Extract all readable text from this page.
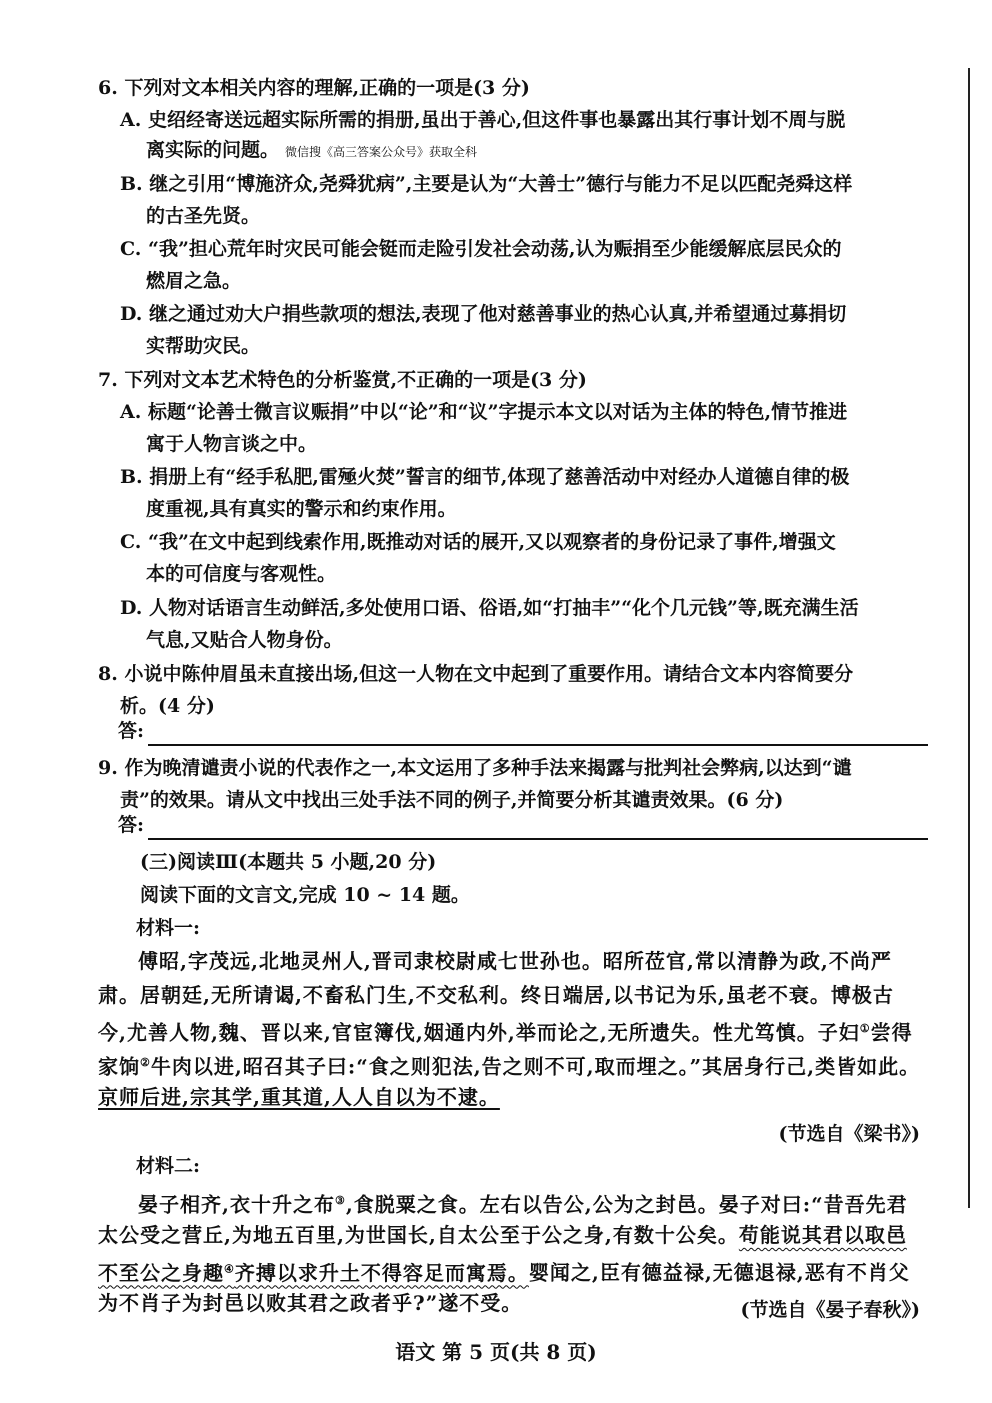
6. 下列对文本相关内容的理解,正确的一项是(3 分)
A. 史绍经寄送远超实际所需的捐册,虽出于善心,但这件事也暴露出其行事计划不周与脱
离实际的问题。 微信搜《高三答案公众号》获取全科
B. 继之引用“博施济众,尧舜犹病”,主要是认为“大善士”德行与能力不足以匹配尧舜这样
的古圣先贤。
C. “我”担心荒年时灾民可能会铤而走险引发社会动荡,认为赈捐至少能缓解底层民众的
燃眉之急。
D. 继之通过劝大户捐些款项的想法,表现了他对慈善事业的热心认真,并希望通过募捐切
实帮助灾民。
7. 下列对文本艺术特色的分析鉴赏,不正确的一项是(3 分)
A. 标题“论善士微言议赈捐”中以“论”和“议”字提示本文以对话为主体的特色,情节推进
寓于人物言谈之中。
B. 捐册上有“经手私肥,雷殛火焚”誓言的细节,体现了慈善活动中对经办人道德自律的极
度重视,具有真实的警示和约束作用。
C. “我”在文中起到线索作用,既推动对话的展开,又以观察者的身份记录了事件,增强文
本的可信度与客观性。
D. 人物对话语言生动鲜活,多处使用口语、俗语,如“打抽丰”“化个几元钱”等,既充满生活
气息,又贴合人物身份。
8. 小说中陈仲眉虽未直接出场,但这一人物在文中起到了重要作用。请结合文本内容简要分
析。(4 分)
答:
9. 作为晚清谴责小说的代表作之一,本文运用了多种手法来揭露与批判社会弊病,以达到“谴
责”的效果。请从文中找出三处手法不同的例子,并简要分析其谴责效果。(6 分)
答:
(三)阅读Ⅲ(本题共 5 小题,20 分)
阅读下面的文言文,完成 10 ~ 14 题。
材料一:
傅昭,字茂远,北地灵州人,晋司隶校尉咸七世孙也。昭所莅官,常以清静为政,不尚严
肃。居朝廷,无所请谒,不畜私门生,不交私利。终日端居,以书记为乐,虽老不衰。博极古
今,尤善人物,魏、晋以来,官宦簿伐,姻通内外,举而论之,无所遗失。性尤笃慎。子妇①尝得
家饷②牛肉以进,昭召其子曰:“食之则犯法,告之则不可,取而埋之。”其居身行己,类皆如此。
京师后进,宗其学,重其道,人人自以为不逮。
(节选自《梁书》)
材料二:
晏子相齐,衣十升之布③,食脱粟之食。左右以告公,公为之封邑。晏子对曰:“昔吾先君
太公受之营丘,为地五百里,为世国长,自太公至于公之身,有数十公矣。苟能说其君以取邑
不至公之身趣④齐搏以求升土不得容足而寓焉。婴闻之,臣有德益禄,无德退禄,恶有不肖父
为不肖子为封邑以败其君之政者乎?”遂不受。	(节选自《晏子春秋》)
语文 第 5 页(共 8 页)
